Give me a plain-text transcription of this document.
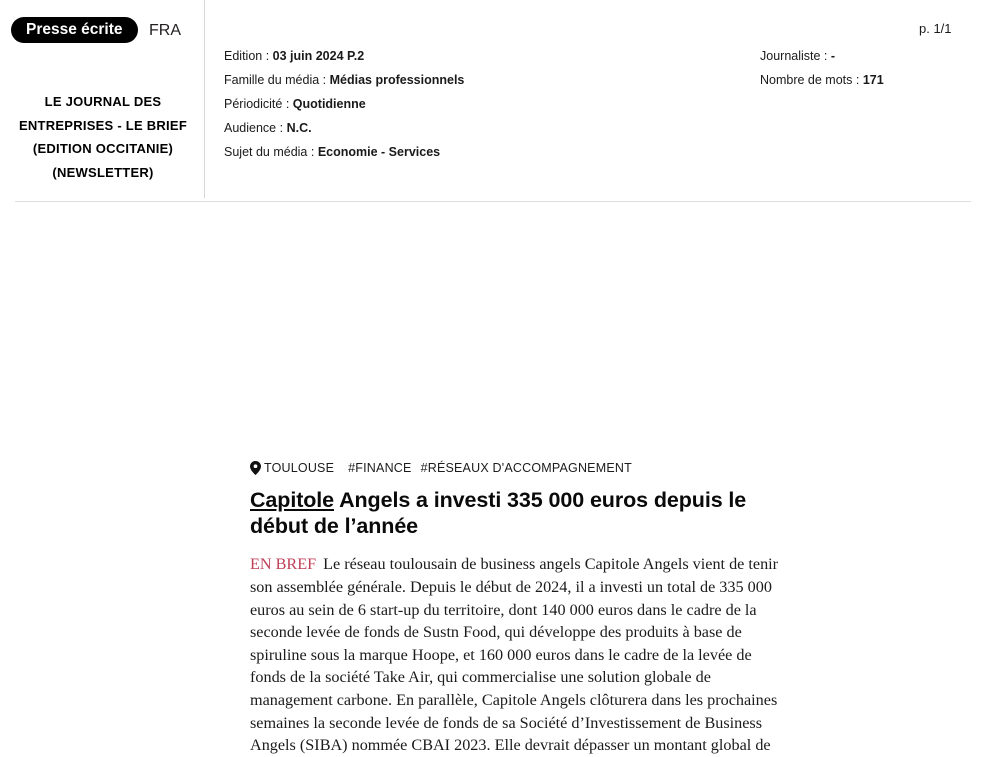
Presse écrite	FRA
LE JOURNAL DES
ENTREPRISES - LE BRIEF
(EDITION OCCITANIE)
(NEWSLETTER)
p. 1/1
Edition : 03 juin 2024 P.2
Famille du média : Médias professionnels
Périodicité : Quotidienne
Audience : N.C.
Sujet du média : Economie - Services
Journaliste : -
Nombre de mots : 171
TOULOUSE #FINANCE #RÉSEAUX D'ACCOMPAGNEMENT
Capitole Angels a investi 335 000 euros depuis le début de l’année
EN BREF Le réseau toulousain de business angels Capitole Angels vient de tenir son assemblée générale. Depuis le début de 2024, il a investi un total de 335 000 euros au sein de 6 start-up du territoire, dont 140 000 euros dans le cadre de la seconde levée de fonds de Sustn Food, qui développe des produits à base de spiruline sous la marque Hoope, et 160 000 euros dans le cadre de la levée de fonds de la société Take Air, qui commercialise une solution globale de management carbone. En parallèle, Capitole Angels clôturera dans les prochaines semaines la seconde levée de fonds de sa Société d’Investissement de Business Angels (SIBA) nommée CBAI 2023. Elle devrait dépasser un montant global de
